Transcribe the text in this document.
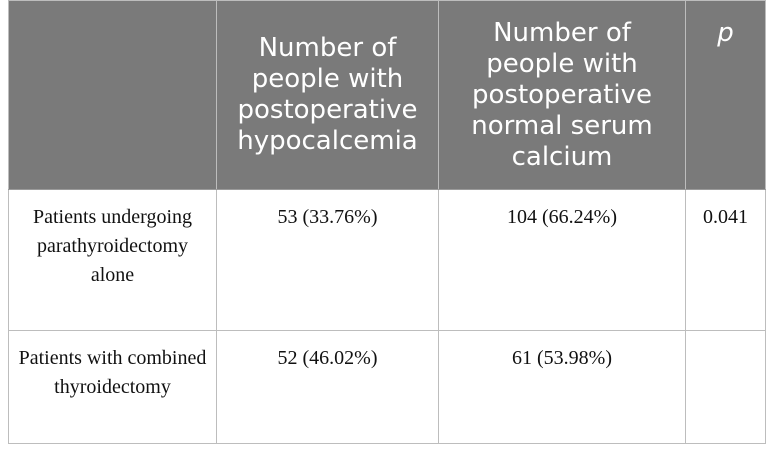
	Number of people with postoperative hypocalcemia	Number of people with postoperative normal serum calcium	p
Patients undergoing parathyroidectomy alone	53 (33.76%)	104 (66.24%)	0.041
Patients with combined thyroidectomy	52 (46.02%)	61 (53.98%)	
